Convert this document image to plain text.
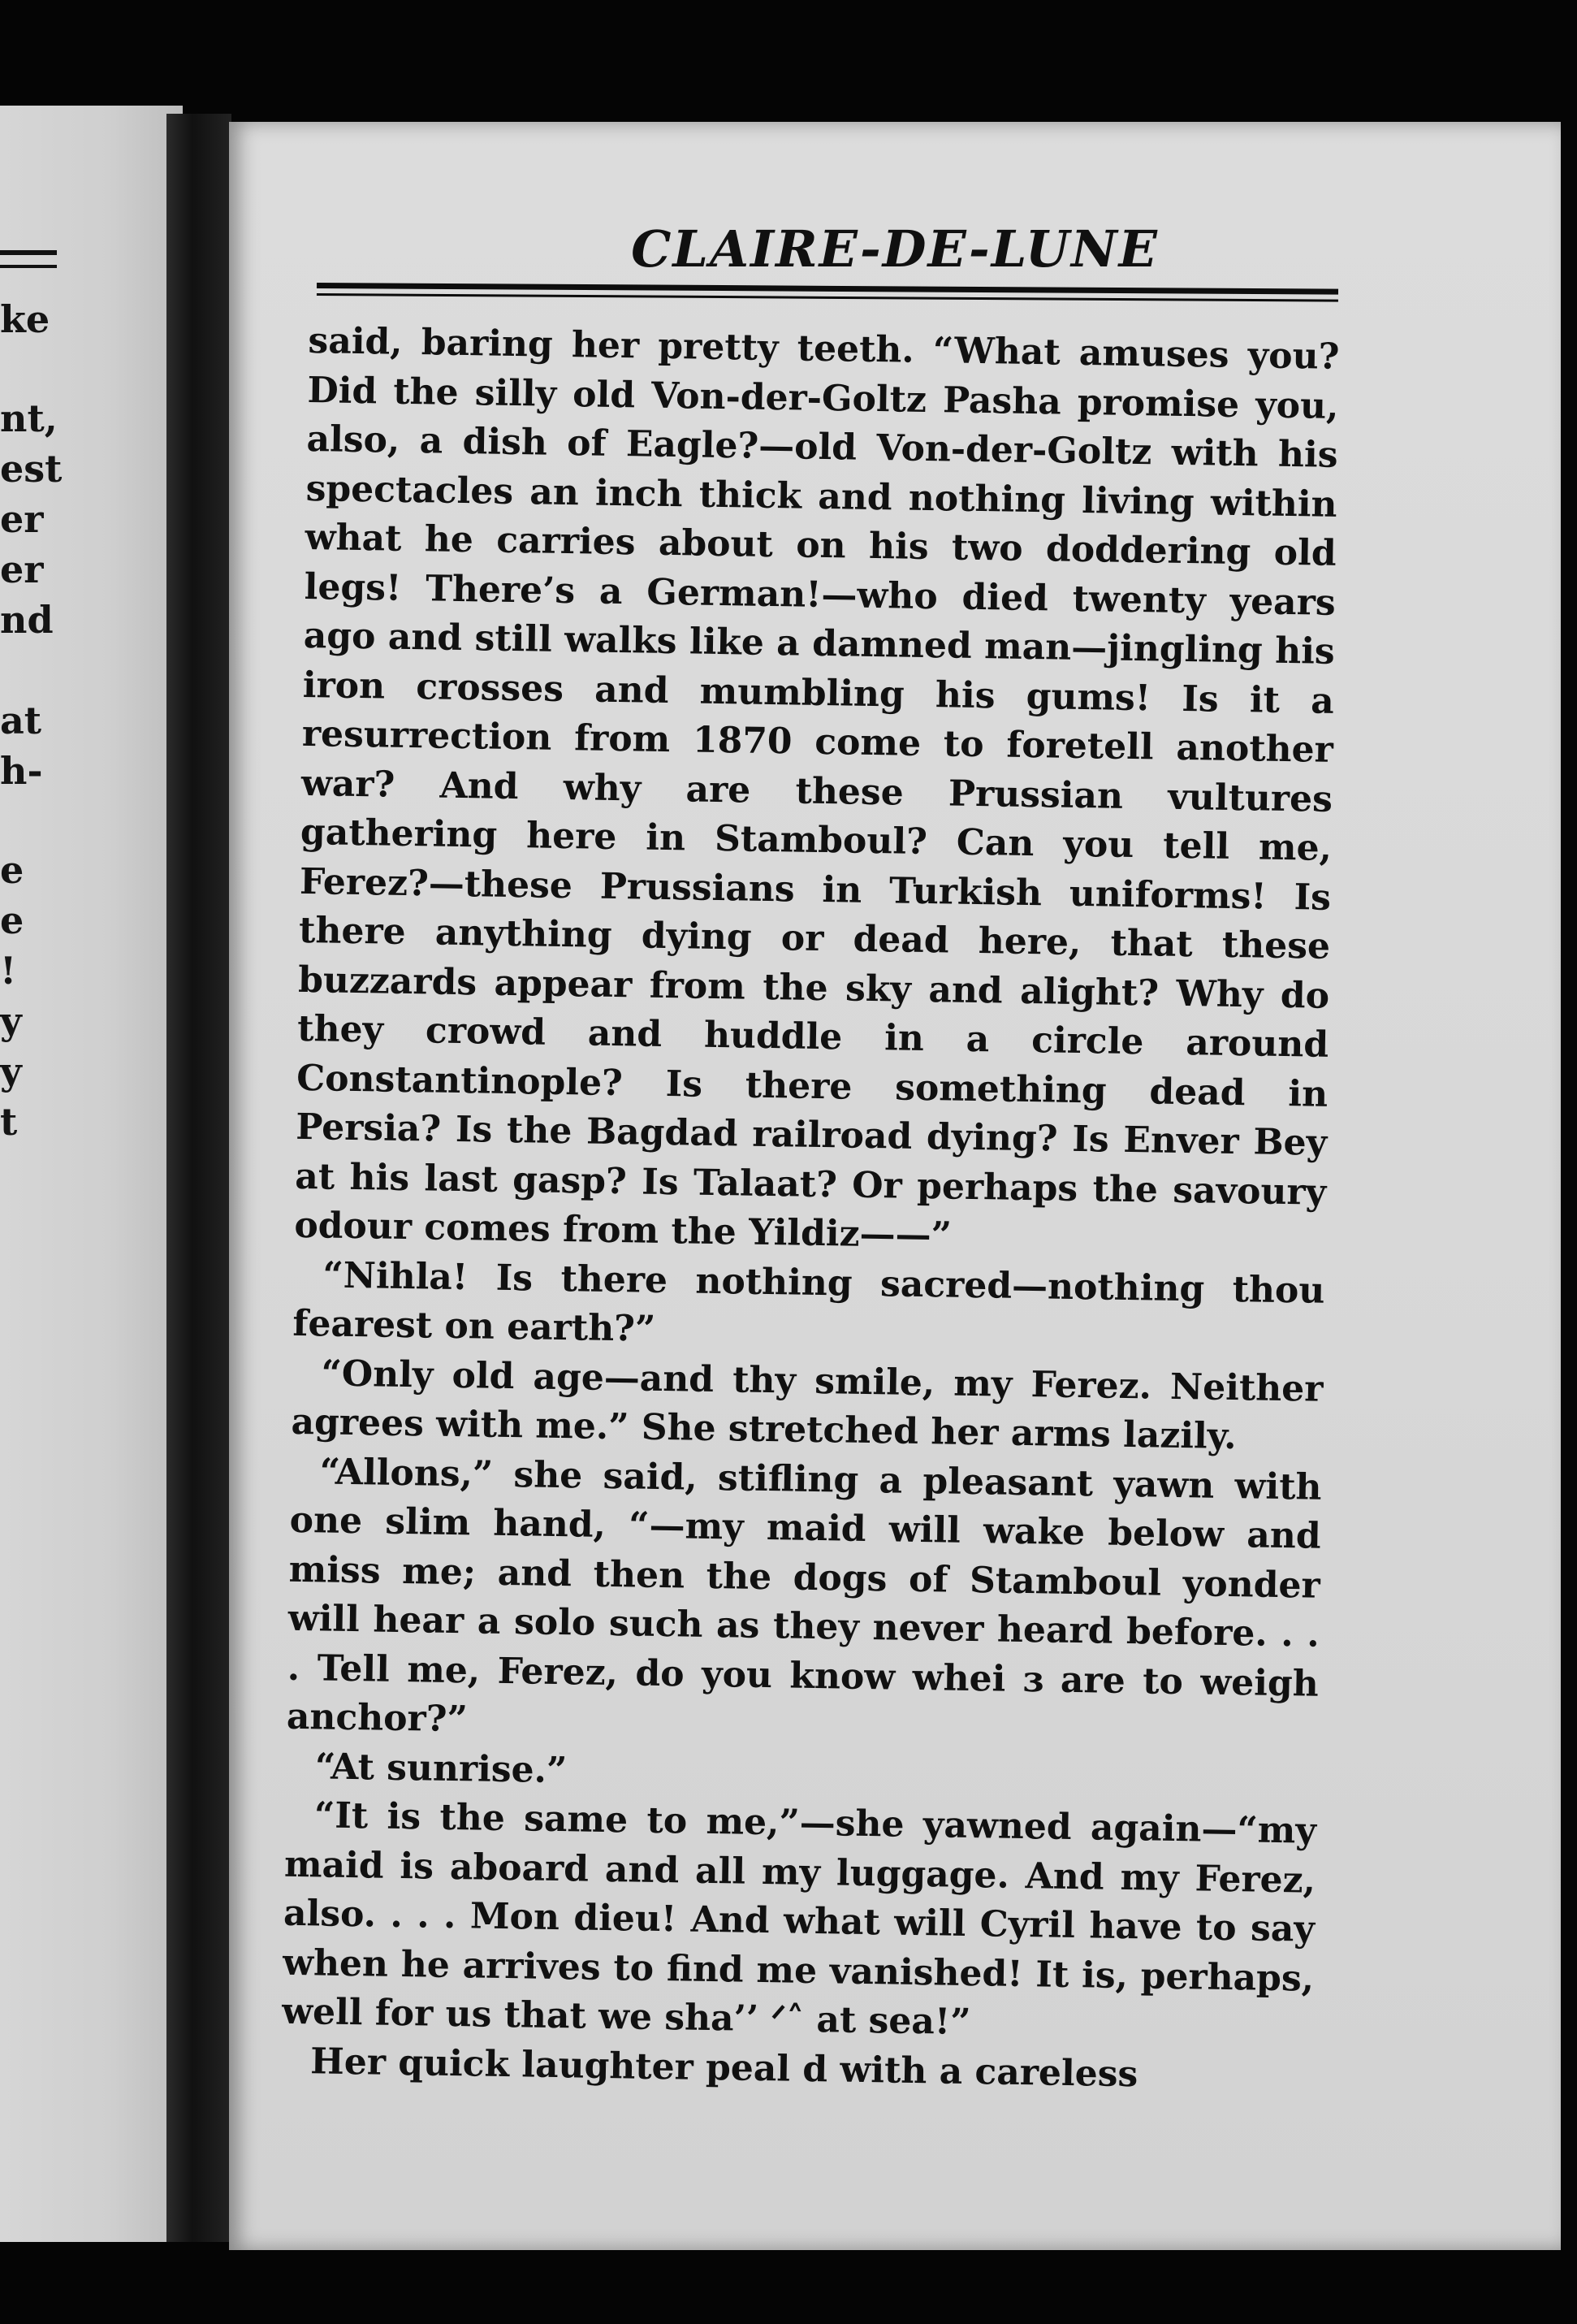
ke
nt,
est
er
er
nd
at
h-
e
e
!
y
y
t
CLAIRE-DE-LUNE

said, baring her pretty teeth. “What amuses you? Did the silly old Von-der-Goltz Pasha promise you, also, a dish of Eagle?—old Von-der-Goltz with his spectacles an inch thick and nothing living within what he carries about on his two doddering old legs! There’s a German!—who died twenty years ago and still walks like a damned man—jingling his iron crosses and mumbling his gums! Is it a resurrection from 1870 come to foretell another war? And why are these Prussian vultures gathering here in Stamboul? Can you tell me, Ferez?—these Prussians in Turkish uniforms! Is there anything dying or dead here, that these buzzards appear from the sky and alight? Why do they crowd and huddle in a circle around Constantinople? Is there something dead in Persia? Is the Bagdad railroad dying? Is Enver Bey at his last gasp? Is Talaat? Or perhaps the savoury odour comes from the Yildiz——”

“Nihla! Is there nothing sacred—nothing thou fearest on earth?”

“Only old age—and thy smile, my Ferez. Neither agrees with me.” She stretched her arms lazily.

“Allons,” she said, stifling a pleasant yawn with one slim hand, “—my maid will wake below and miss me; and then the dogs of Stamboul yonder will hear a solo such as they never heard before. . . . Tell me, Ferez, do you know whei ɜ are to weigh anchor?”

“At sunrise.”

“It is the same to me,”—she yawned again—“my maid is aboard and all my luggage. And my Ferez, also. . . . Mon dieu! And what will Cyril have to say when he arrives to find me vanished! It is, perhaps, well for us that we sha’’ ᐟ˄ at sea!”

Her quick laughter peal d with a careless
